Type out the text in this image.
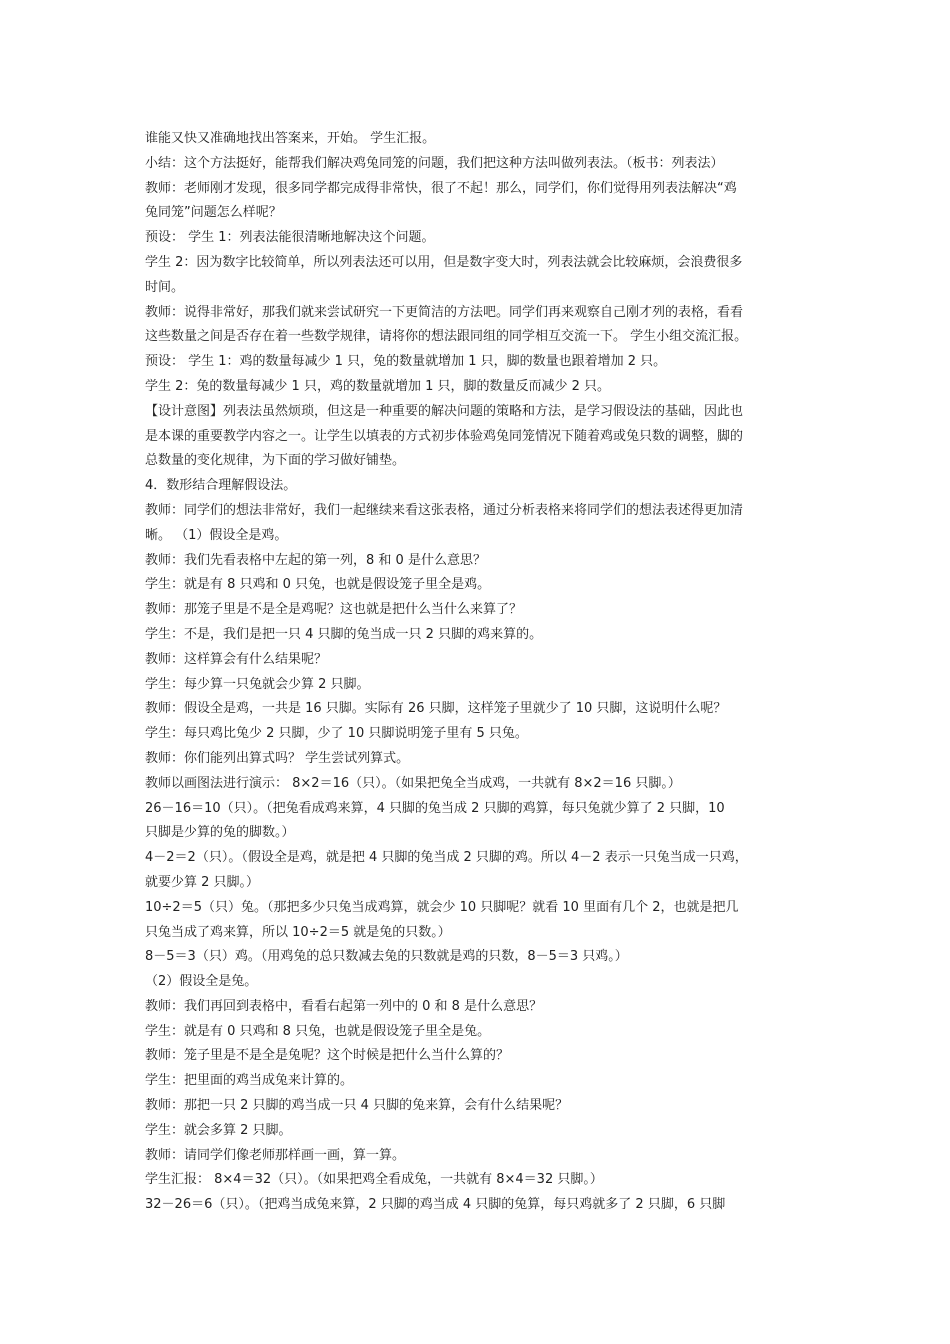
谁能又快又准确地找出答案来，开始。 学生汇报。
小结：这个方法挺好，能帮我们解决鸡兔同笼的问题，我们把这种方法叫做列表法。（板书：列表法）
教师：老师刚才发现，很多同学都完成得非常快，很了不起！那么，同学们，你们觉得用列表法解决“鸡
兔同笼”问题怎么样呢？
预设： 学生 1：列表法能很清晰地解决这个问题。
学生 2：因为数字比较简单，所以列表法还可以用，但是数字变大时，列表法就会比较麻烦，会浪费很多
时间。
教师：说得非常好，那我们就来尝试研究一下更简洁的方法吧。同学们再来观察自己刚才列的表格，看看
这些数量之间是否存在着一些数学规律，请将你的想法跟同组的同学相互交流一下。 学生小组交流汇报。
预设： 学生 1：鸡的数量每减少 1 只，兔的数量就增加 1 只，脚的数量也跟着增加 2 只。
学生 2：兔的数量每减少 1 只，鸡的数量就增加 1 只，脚的数量反而减少 2 只。
【设计意图】列表法虽然烦琐，但这是一种重要的解决问题的策略和方法，是学习假设法的基础，因此也
是本课的重要教学内容之一。让学生以填表的方式初步体验鸡兔同笼情况下随着鸡或兔只数的调整，脚的
总数量的变化规律，为下面的学习做好铺垫。
4．数形结合理解假设法。
教师：同学们的想法非常好，我们一起继续来看这张表格，通过分析表格来将同学们的想法表述得更加清
晰。 （1）假设全是鸡。
教师：我们先看表格中左起的第一列，8 和 0 是什么意思？
学生：就是有 8 只鸡和 0 只兔，也就是假设笼子里全是鸡。
教师：那笼子里是不是全是鸡呢？这也就是把什么当什么来算了？
学生：不是，我们是把一只 4 只脚的兔当成一只 2 只脚的鸡来算的。
教师：这样算会有什么结果呢？
学生：每少算一只兔就会少算 2 只脚。
教师：假设全是鸡，一共是 16 只脚。实际有 26 只脚，这样笼子里就少了 10 只脚，这说明什么呢？
学生：每只鸡比兔少 2 只脚，少了 10 只脚说明笼子里有 5 只兔。
教师：你们能列出算式吗？ 学生尝试列算式。
教师以画图法进行演示： 8×2＝16（只）。（如果把兔全当成鸡，一共就有 8×2＝16 只脚。）
26－16＝10（只）。（把兔看成鸡来算，4 只脚的兔当成 2 只脚的鸡算，每只兔就少算了 2 只脚，10
只脚是少算的兔的脚数。）
4－2＝2（只）。（假设全是鸡，就是把 4 只脚的兔当成 2 只脚的鸡。所以 4－2 表示一只兔当成一只鸡，
就要少算 2 只脚。）
10÷2＝5（只）兔。（那把多少只兔当成鸡算，就会少 10 只脚呢？就看 10 里面有几个 2，也就是把几
只兔当成了鸡来算，所以 10÷2＝5 就是兔的只数。）
8－5＝3（只）鸡。（用鸡兔的总只数减去兔的只数就是鸡的只数，8－5＝3 只鸡。）
（2）假设全是兔。
教师：我们再回到表格中，看看右起第一列中的 0 和 8 是什么意思？
学生：就是有 0 只鸡和 8 只兔，也就是假设笼子里全是兔。
教师：笼子里是不是全是兔呢？这个时候是把什么当什么算的？
学生：把里面的鸡当成兔来计算的。
教师：那把一只 2 只脚的鸡当成一只 4 只脚的兔来算，会有什么结果呢？
学生：就会多算 2 只脚。
教师：请同学们像老师那样画一画，算一算。
学生汇报： 8×4＝32（只）。（如果把鸡全看成兔，一共就有 8×4＝32 只脚。）
32－26＝6（只）。（把鸡当成兔来算，2 只脚的鸡当成 4 只脚的兔算，每只鸡就多了 2 只脚，6 只脚
